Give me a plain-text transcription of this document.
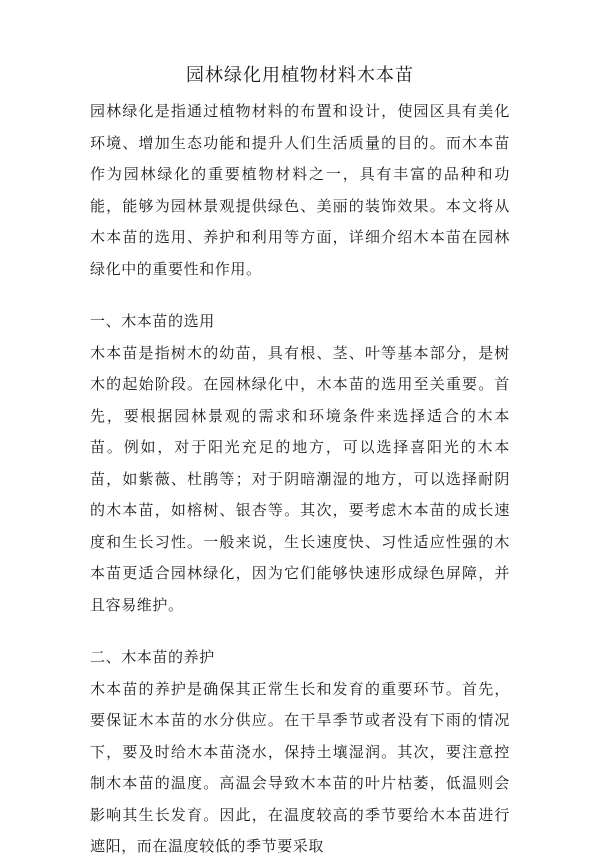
园林绿化用植物材料木本苗

园林绿化是指通过植物材料的布置和设计，使园区具有美化环境、增加生态功能和提升人们生活质量的目的。而木本苗作为园林绿化的重要植物材料之一，具有丰富的品种和功能，能够为园林景观提供绿色、美丽的装饰效果。本文将从木本苗的选用、养护和利用等方面，详细介绍木本苗在园林绿化中的重要性和作用。

一、木本苗的选用

木本苗是指树木的幼苗，具有根、茎、叶等基本部分，是树木的起始阶段。在园林绿化中，木本苗的选用至关重要。首先，要根据园林景观的需求和环境条件来选择适合的木本苗。例如，对于阳光充足的地方，可以选择喜阳光的木本苗，如紫薇、杜鹃等；对于阴暗潮湿的地方，可以选择耐阴的木本苗，如榕树、银杏等。其次，要考虑木本苗的成长速度和生长习性。一般来说，生长速度快、习性适应性强的木本苗更适合园林绿化，因为它们能够快速形成绿色屏障，并且容易维护。

二、木本苗的养护

木本苗的养护是确保其正常生长和发育的重要环节。首先，要保证木本苗的水分供应。在干旱季节或者没有下雨的情况下，要及时给木本苗浇水，保持土壤湿润。其次，要注意控制木本苗的温度。高温会导致木本苗的叶片枯萎，低温则会影响其生长发育。因此，在温度较高的季节要给木本苗进行遮阳，而在温度较低的季节要采取
